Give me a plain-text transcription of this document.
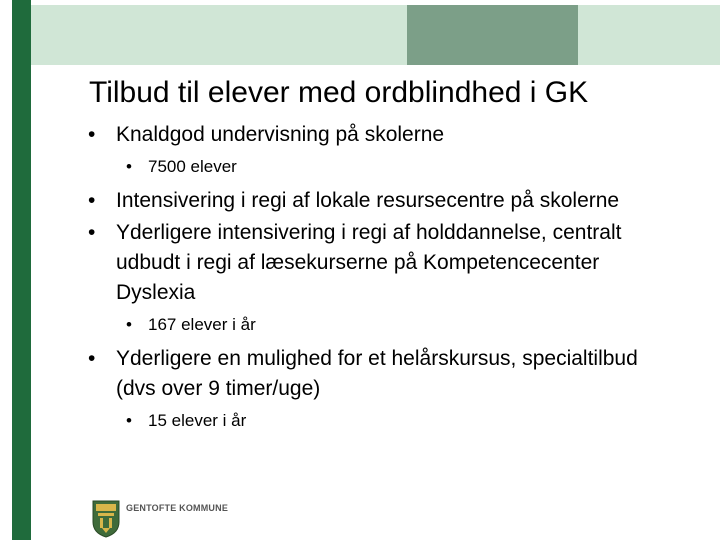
Tilbud til elever med ordblindhed i GK
• Knaldgod undervisning på skolerne
• 7500 elever
• Intensivering i regi af lokale resursecentre på skolerne
• Yderligere intensivering i regi af holddannelse, centralt udbudt i regi af læsekurserne på Kompetencecenter Dyslexia
• 167 elever i år
• Yderligere en mulighed for et helårskursus, specialtilbud (dvs over 9 timer/uge)
• 15 elever i år
GENTOFTE KOMMUNE
